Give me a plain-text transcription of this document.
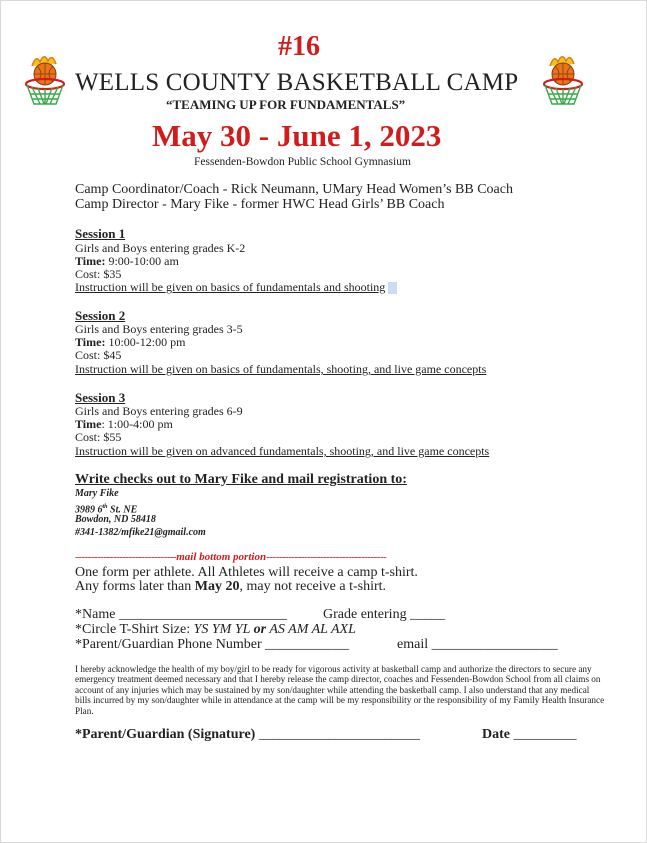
#16
WELLS COUNTY BASKETBALL CAMP
“TEAMING UP FOR FUNDAMENTALS”
May 30 - June 1, 2023
Fessenden-Bowdon Public School Gymnasium
Camp Coordinator/Coach - Rick Neumann, UMary Head Women’s BB Coach
Camp Director - Mary Fike - former HWC Head Girls’ BB Coach
Session 1
Girls and Boys entering grades K-2
Time: 9:00-10:00 am
Cost: $35
Instruction will be given on basics of fundamentals and shooting
Session 2
Girls and Boys entering grades 3-5
Time: 10:00-12:00 pm
Cost: $45
Instruction will be given on basics of fundamentals, shooting, and live game concepts
Session 3
Girls and Boys entering grades 6-9
Time: 1:00-4:00 pm
Cost: $55
Instruction will be given on advanced fundamentals, shooting, and live game concepts
Write checks out to Mary Fike and mail registration to:
Mary Fike
3989 6th St. NE
Bowdon, ND 58418
#341-1382/mfike21@gmail.com
--------------------------------mail bottom portion--------------------------------------
One form per athlete. All Athletes will receive a camp t-shirt.
Any forms later than May 20, may not receive a t-shirt.
*Name ________________________	Grade entering _____
*Circle T-Shirt Size: YS YM YL or AS AM AL AXL
*Parent/Guardian Phone Number ____________	email __________________
I hereby acknowledge the health of my boy/girl to be ready for vigorous activity at basketball camp and authorize the directors to secure any emergency treatment deemed necessary and that I hereby release the camp director, coaches and Fessenden-Bowdon School from all claims on account of any injuries which may be sustained by my son/daughter while attending the basketball camp. I also understand that any medical bills incurred by my son/daughter while in attendance at the camp will be my responsibility or the responsibility of my Family Health Insurance Plan.
*Parent/Guardian (Signature) _______________________	Date _________
